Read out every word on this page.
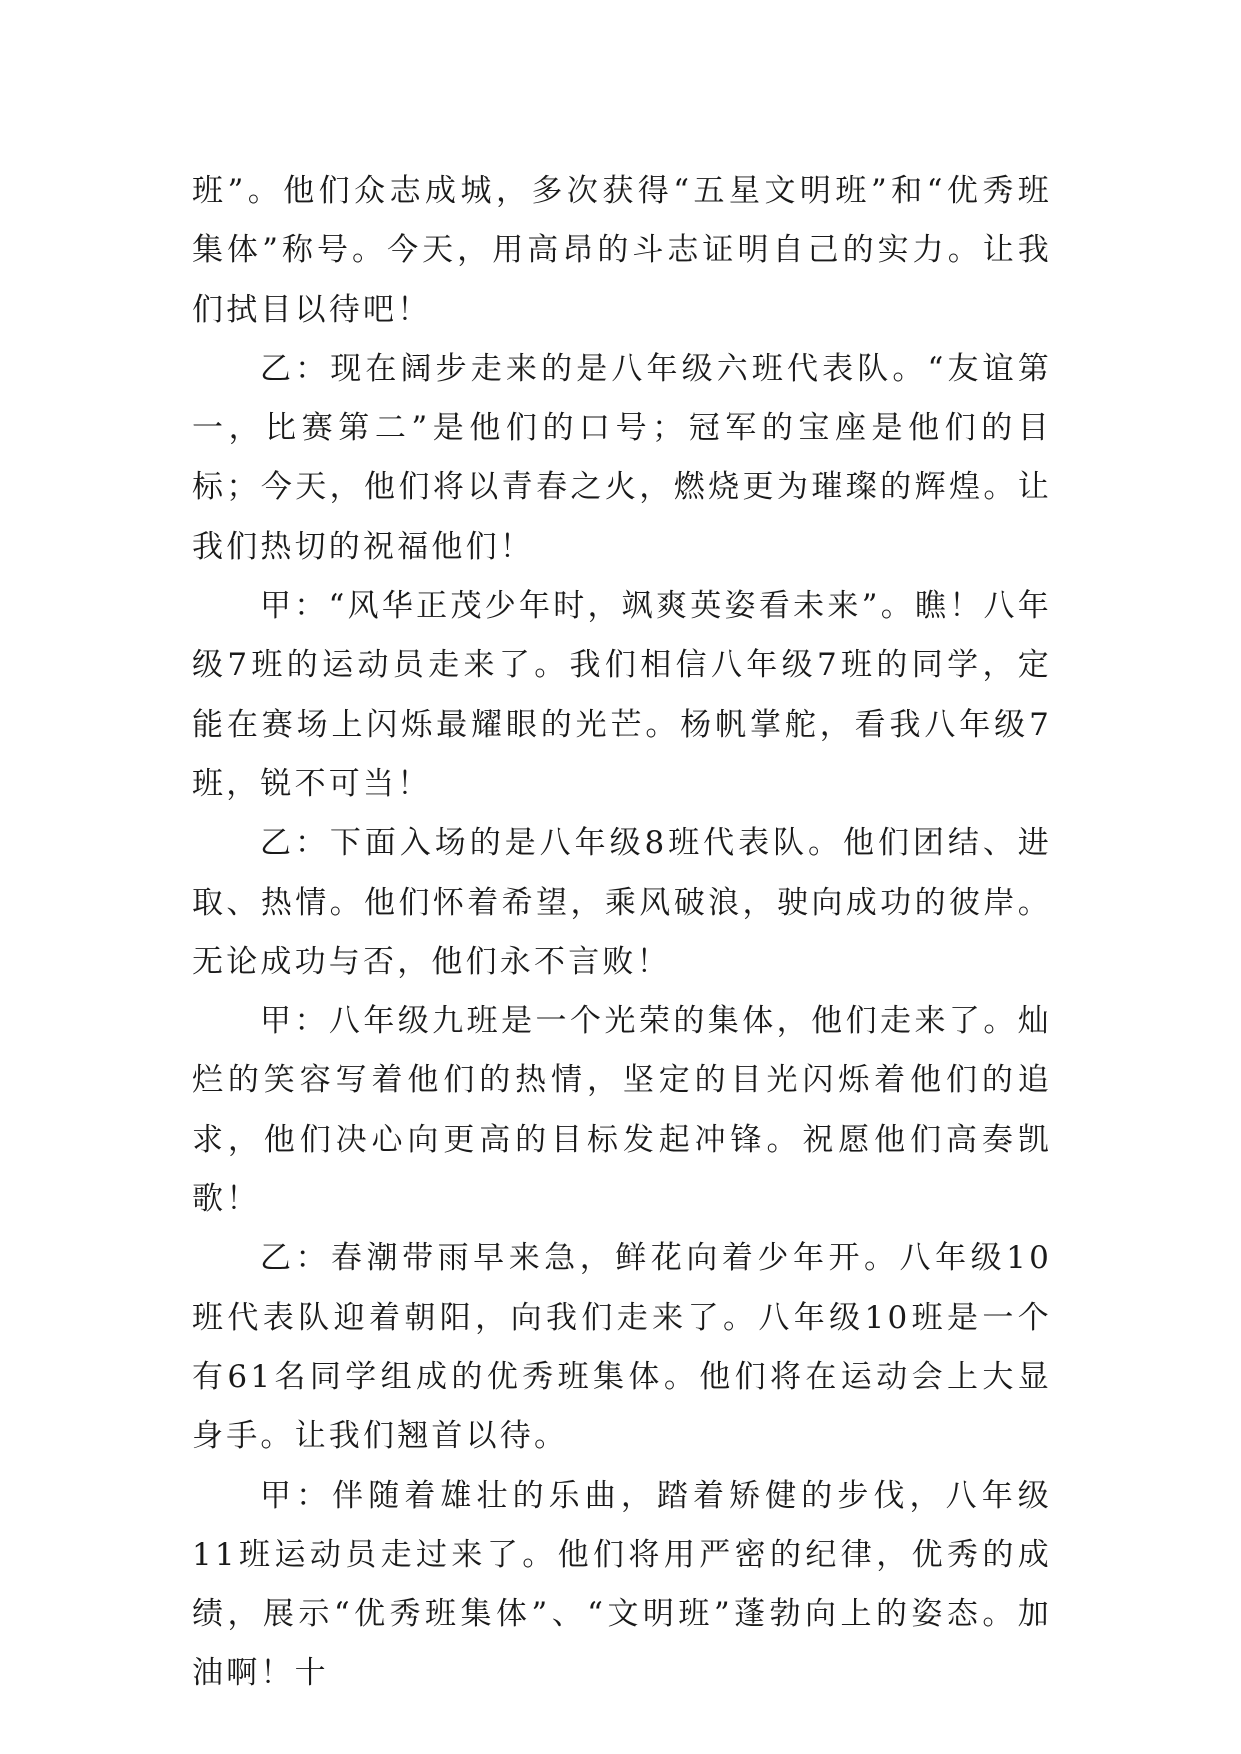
班”。他们众志成城，多次获得“五星文明班”和“优秀班集体”称号。今天，用高昂的斗志证明自己的实力。让我们拭目以待吧！

乙：现在阔步走来的是八年级六班代表队。“友谊第一，比赛第二”是他们的口号；冠军的宝座是他们的目标；今天，他们将以青春之火，燃烧更为璀璨的辉煌。让我们热切的祝福他们！

甲：“风华正茂少年时，飒爽英姿看未来”。瞧！八年级7班的运动员走来了。我们相信八年级7班的同学，定能在赛场上闪烁最耀眼的光芒。杨帆掌舵，看我八年级7班，锐不可当！

乙：下面入场的是八年级8班代表队。他们团结、进取、热情。他们怀着希望，乘风破浪，驶向成功的彼岸。无论成功与否，他们永不言败！

甲：八年级九班是一个光荣的集体，他们走来了。灿烂的笑容写着他们的热情，坚定的目光闪烁着他们的追求，他们决心向更高的目标发起冲锋。祝愿他们高奏凯歌！

乙：春潮带雨早来急，鲜花向着少年开。八年级10班代表队迎着朝阳，向我们走来了。八年级10班是一个有61名同学组成的优秀班集体。他们将在运动会上大显身手。让我们翘首以待。

甲：伴随着雄壮的乐曲，踏着矫健的步伐，八年级11班运动员走过来了。他们将用严密的纪律，优秀的成绩，展示“优秀班集体”、“文明班”蓬勃向上的姿态。加油啊！十
